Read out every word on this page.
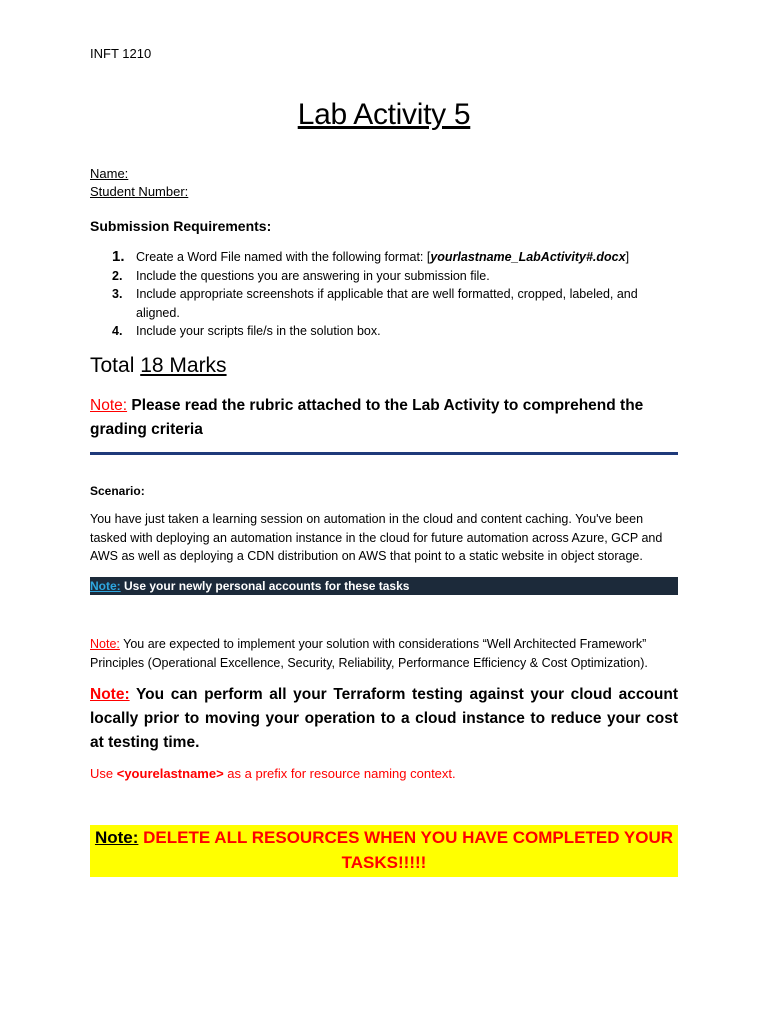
INFT 1210
Lab Activity 5
Name:
Student Number:
Submission Requirements:
1. Create a Word File named with the following format: [yourlastname_LabActivity#.docx]
2. Include the questions you are answering in your submission file.
3. Include appropriate screenshots if applicable that are well formatted, cropped, labeled, and aligned.
4. Include your scripts file/s in the solution box.
Total 18 Marks
Note: Please read the rubric attached to the Lab Activity to comprehend the grading criteria
Scenario:
You have just taken a learning session on automation in the cloud and content caching. You've been tasked with deploying an automation instance in the cloud for future automation across Azure, GCP and AWS as well as deploying a CDN distribution on AWS that point to a static website in object storage.
Note: Use your newly personal accounts for these tasks
Note: You are expected to implement your solution with considerations “Well Architected Framework” Principles (Operational Excellence, Security, Reliability, Performance Efficiency & Cost Optimization).
Note: You can perform all your Terraform testing against your cloud account locally prior to moving your operation to a cloud instance to reduce your cost at testing time.
Use <yourelastname> as a prefix for resource naming context.
Note: DELETE ALL RESOURCES WHEN YOU HAVE COMPLETED YOUR TASKS!!!!!
